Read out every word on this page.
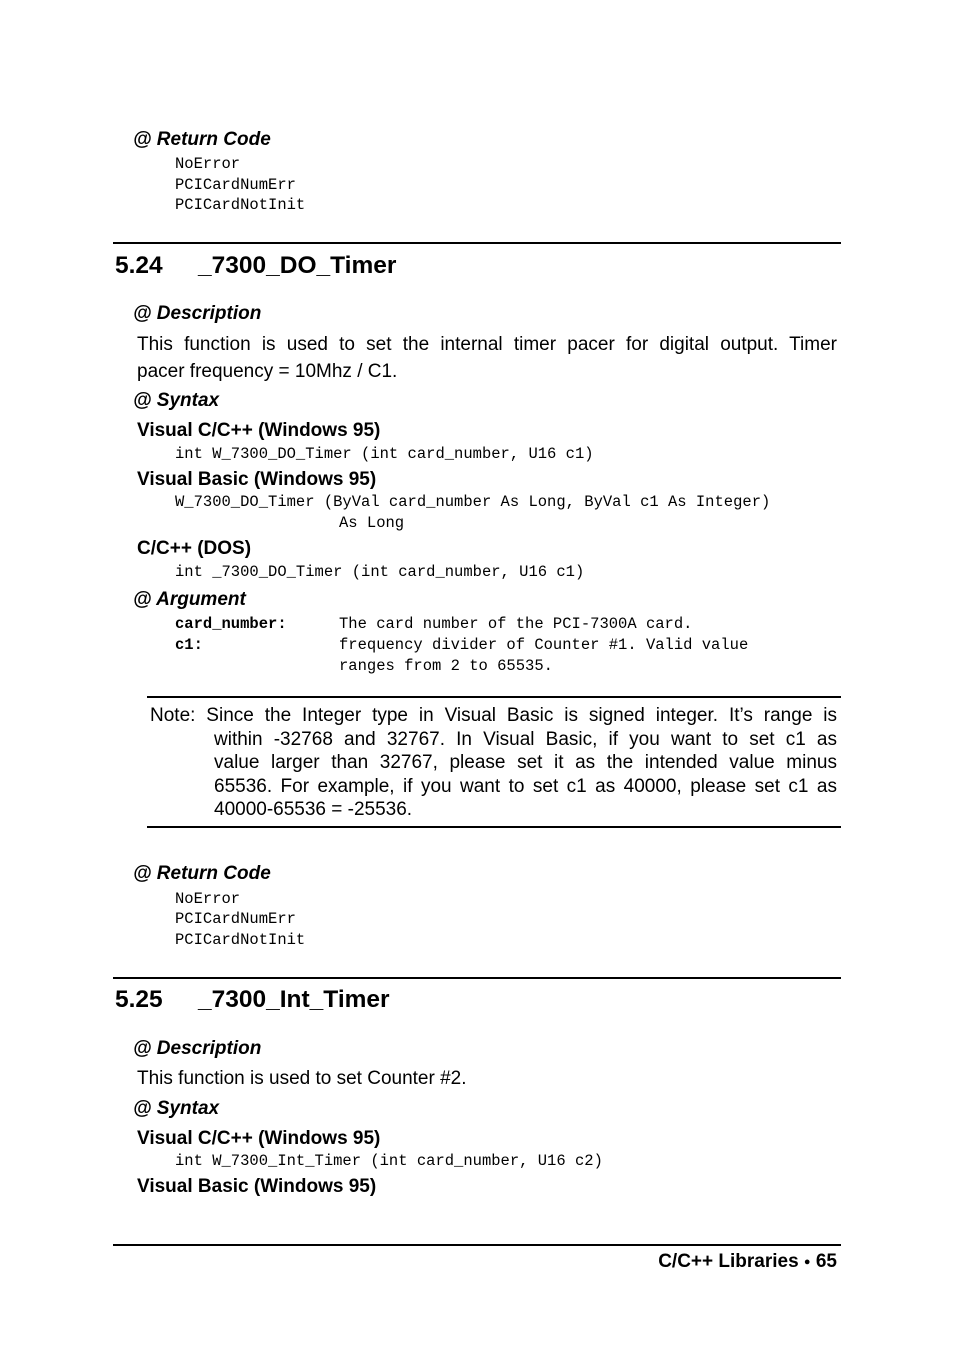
@ Return Code
NoError
PCICardNumErr
PCICardNotInit
5.24 _7300_DO_Timer
@ Description
This function is used to set the internal timer pacer for digital output. Timer
pacer frequency = 10Mhz / C1.
@ Syntax
Visual C/C++ (Windows 95)
int W_7300_DO_Timer (int card_number, U16 c1)
Visual Basic (Windows 95)
W_7300_DO_Timer (ByVal card_number As Long, ByVal c1 As Integer)
As Long
C/C++ (DOS)
int _7300_DO_Timer (int card_number, U16 c1)
@ Argument
card_number:	The card number of the PCI-7300A card.
c1:	frequency divider of Counter #1. Valid value
ranges from 2 to 65535.
Note: Since the Integer type in Visual Basic is signed integer. It’s range is
within -32768 and 32767. In Visual Basic, if you want to set c1 as
value larger than 32767, please set it as the intended value minus
65536. For example, if you want to set c1 as 40000, please set c1 as
40000-65536 = -25536.
@ Return Code
NoError
PCICardNumErr
PCICardNotInit
5.25 _7300_Int_Timer
@ Description
This function is used to set Counter #2.
@ Syntax
Visual C/C++ (Windows 95)
int W_7300_Int_Timer (int card_number, U16 c2)
Visual Basic (Windows 95)
C/C++ Libraries ● 65
